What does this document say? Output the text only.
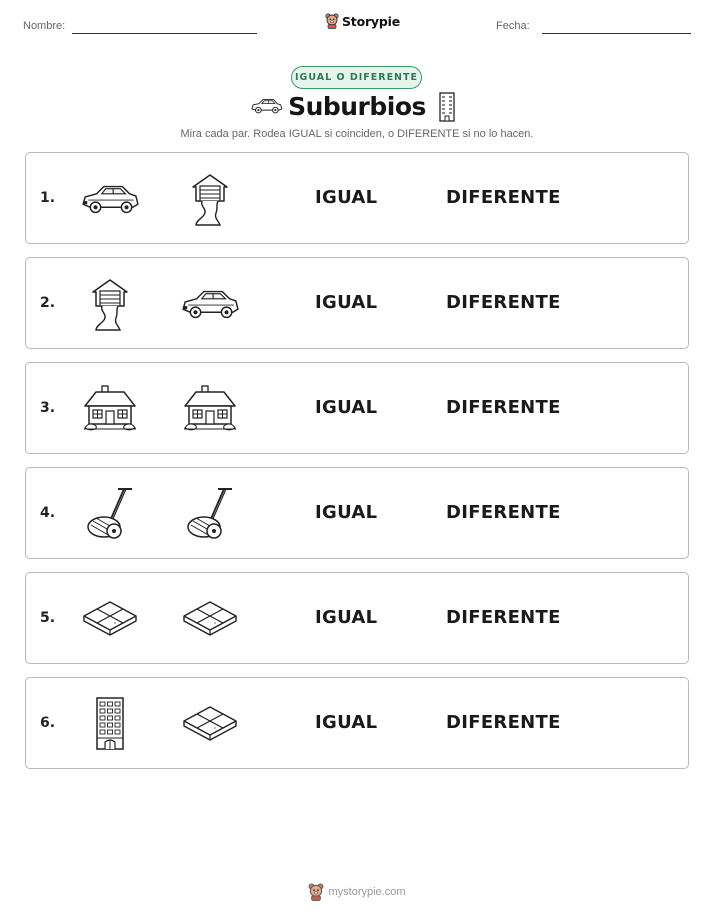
Nombre:	Storypie	Fecha:
IGUAL O DIFERENTE
Suburbios
Mira cada par. Rodea IGUAL si coinciden, o DIFERENTE si no lo hacen.
1.	IGUAL	DIFERENTE
2.	IGUAL	DIFERENTE
3.	IGUAL	DIFERENTE
4.	IGUAL	DIFERENTE
5.	IGUAL	DIFERENTE
6.	IGUAL	DIFERENTE
mystorypie.com
